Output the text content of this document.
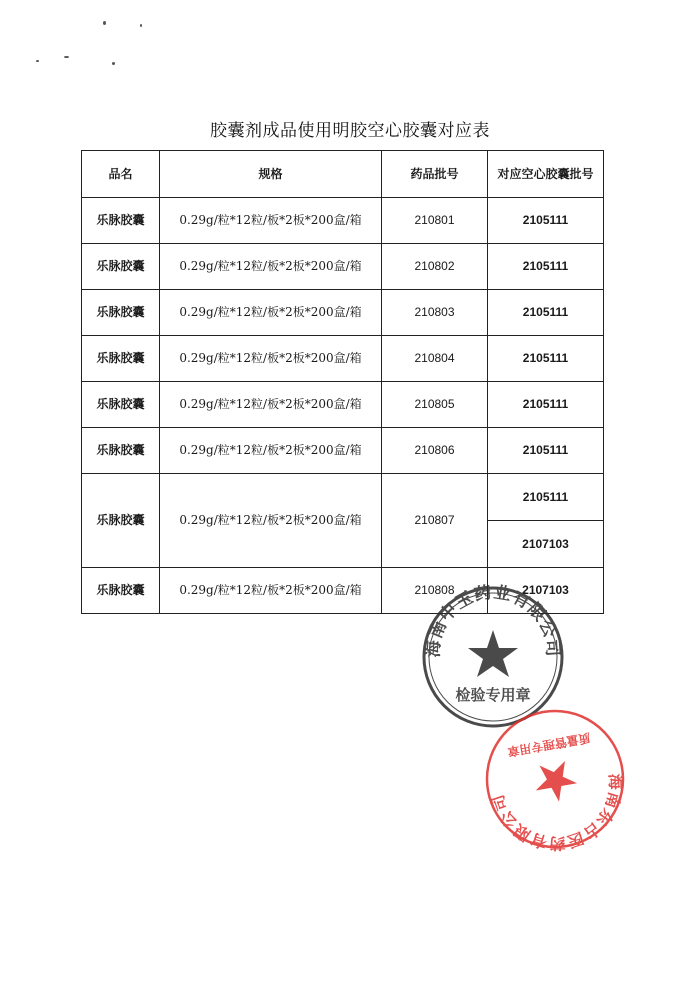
胶囊剂成品使用明胶空心胶囊对应表
品名	规格	药品批号	对应空心胶囊批号
乐脉胶囊	0.29g/粒*12粒/板*2板*200盒/箱	210801	2105111
乐脉胶囊	0.29g/粒*12粒/板*2板*200盒/箱	210802	2105111
乐脉胶囊	0.29g/粒*12粒/板*2板*200盒/箱	210803	2105111
乐脉胶囊	0.29g/粒*12粒/板*2板*200盒/箱	210804	2105111
乐脉胶囊	0.29g/粒*12粒/板*2板*200盒/箱	210805	2105111
乐脉胶囊	0.29g/粒*12粒/板*2板*200盒/箱	210806	2105111
乐脉胶囊	0.29g/粒*12粒/板*2板*200盒/箱	210807	2105111
			2107103
乐脉胶囊	0.29g/粒*12粒/板*2板*200盒/箱	210808	2107103
海南中玉药业有限公司
检验专用章
海南东古医药有限公司
质量管理专用章
